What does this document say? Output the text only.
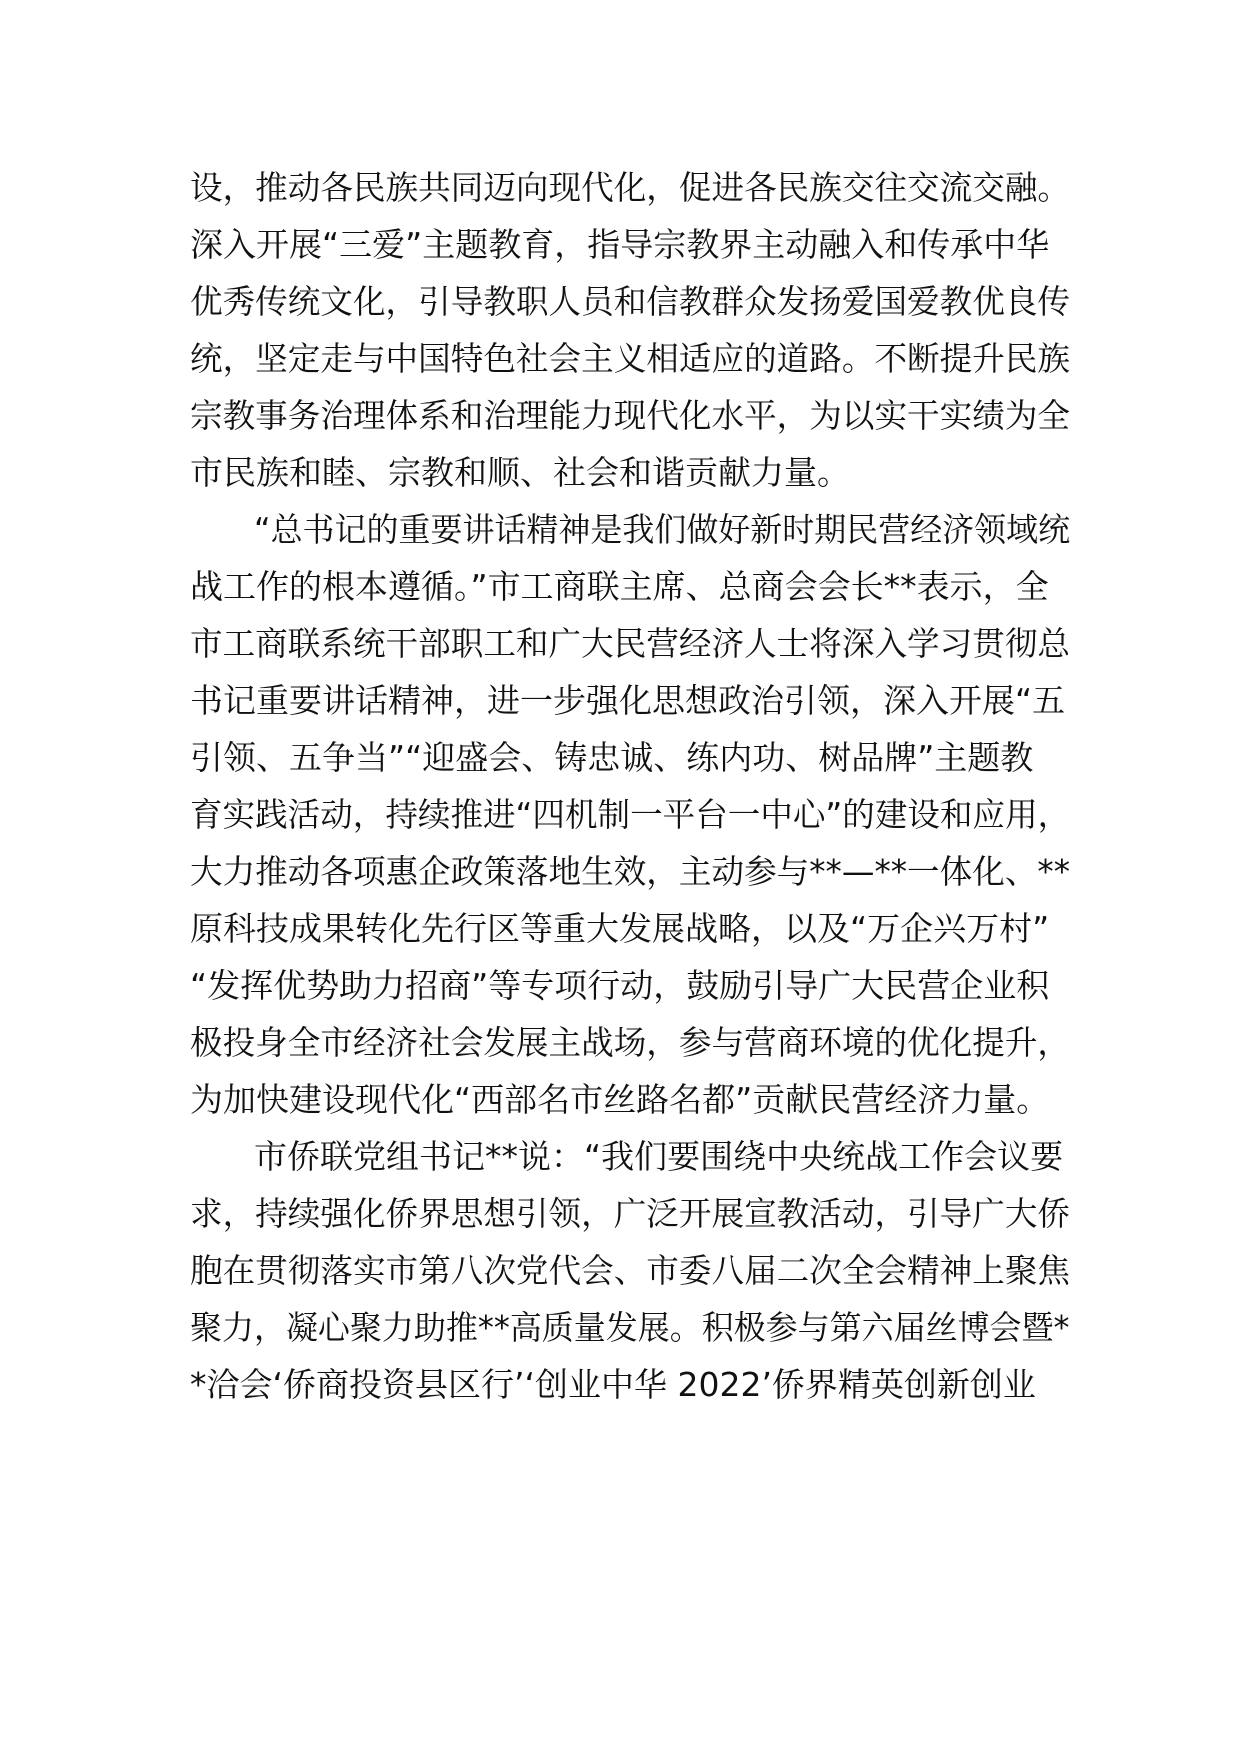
设，推动各民族共同迈向现代化，促进各民族交往交流交融。
深入开展“三爱”主题教育，指导宗教界主动融入和传承中华
优秀传统文化，引导教职人员和信教群众发扬爱国爱教优良传
统，坚定走与中国特色社会主义相适应的道路。不断提升民族
宗教事务治理体系和治理能力现代化水平，为以实干实绩为全
市民族和睦、宗教和顺、社会和谐贡献力量。
“总书记的重要讲话精神是我们做好新时期民营经济领域统
战工作的根本遵循。”市工商联主席、总商会会长**表示，全
市工商联系统干部职工和广大民营经济人士将深入学习贯彻总
书记重要讲话精神，进一步强化思想政治引领，深入开展“五
引领、五争当”“迎盛会、铸忠诚、练内功、树品牌”主题教
育实践活动，持续推进“四机制一平台一中心”的建设和应用，
大力推动各项惠企政策落地生效，主动参与**—**一体化、**
原科技成果转化先行区等重大发展战略，以及“万企兴万村”
“发挥优势助力招商”等专项行动，鼓励引导广大民营企业积
极投身全市经济社会发展主战场，参与营商环境的优化提升，
为加快建设现代化“西部名市丝路名都”贡献民营经济力量。
市侨联党组书记**说：“我们要围绕中央统战工作会议要
求，持续强化侨界思想引领，广泛开展宣教活动，引导广大侨
胞在贯彻落实市第八次党代会、市委八届二次全会精神上聚焦
聚力，凝心聚力助推**高质量发展。积极参与第六届丝博会暨*
*洽会‘侨商投资县区行’‘创业中华 2022’侨界精英创新创业
